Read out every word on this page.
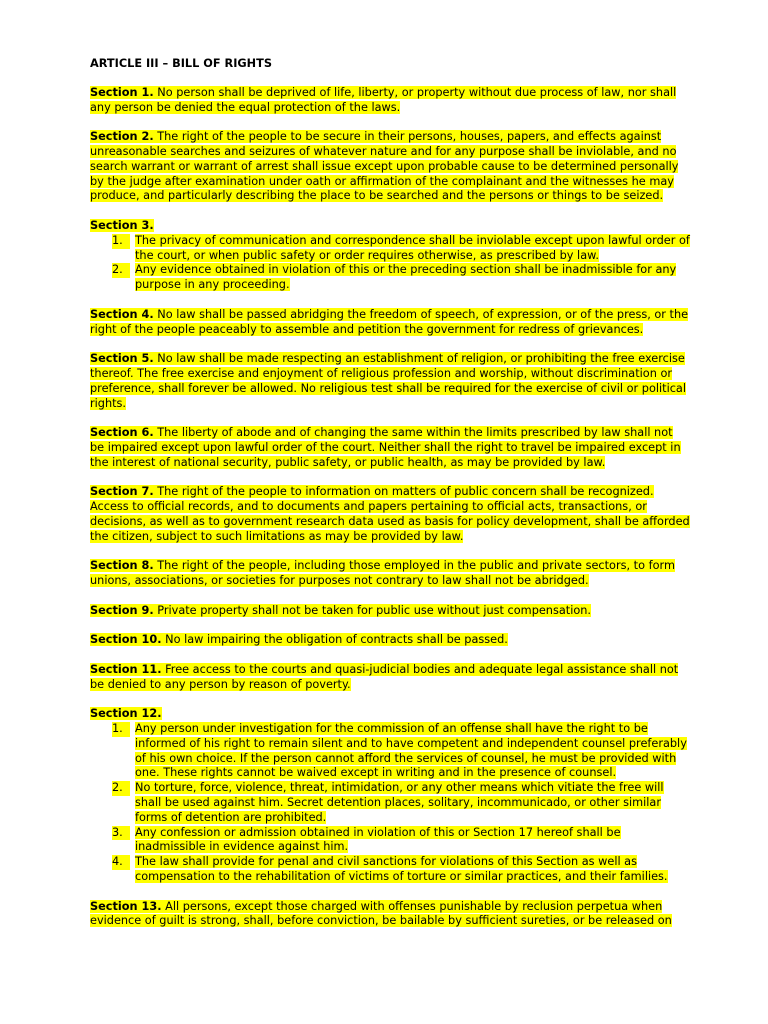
ARTICLE III – BILL OF RIGHTS
Section 1. No person shall be deprived of life, liberty, or property without due process of law, nor shall any person be denied the equal protection of the laws.
Section 2. The right of the people to be secure in their persons, houses, papers, and effects against unreasonable searches and seizures of whatever nature and for any purpose shall be inviolable, and no search warrant or warrant of arrest shall issue except upon probable cause to be determined personally by the judge after examination under oath or affirmation of the complainant and the witnesses he may produce, and particularly describing the place to be searched and the persons or things to be seized.
Section 3.
1.	The privacy of communication and correspondence shall be inviolable except upon lawful order of the court, or when public safety or order requires otherwise, as prescribed by law.
2.	Any evidence obtained in violation of this or the preceding section shall be inadmissible for any purpose in any proceeding.
Section 4. No law shall be passed abridging the freedom of speech, of expression, or of the press, or the right of the people peaceably to assemble and petition the government for redress of grievances.
Section 5. No law shall be made respecting an establishment of religion, or prohibiting the free exercise thereof. The free exercise and enjoyment of religious profession and worship, without discrimination or preference, shall forever be allowed. No religious test shall be required for the exercise of civil or political rights.
Section 6. The liberty of abode and of changing the same within the limits prescribed by law shall not be impaired except upon lawful order of the court. Neither shall the right to travel be impaired except in the interest of national security, public safety, or public health, as may be provided by law.
Section 7. The right of the people to information on matters of public concern shall be recognized. Access to official records, and to documents and papers pertaining to official acts, transactions, or decisions, as well as to government research data used as basis for policy development, shall be afforded the citizen, subject to such limitations as may be provided by law.
Section 8. The right of the people, including those employed in the public and private sectors, to form unions, associations, or societies for purposes not contrary to law shall not be abridged.
Section 9. Private property shall not be taken for public use without just compensation.
Section 10. No law impairing the obligation of contracts shall be passed.
Section 11. Free access to the courts and quasi-judicial bodies and adequate legal assistance shall not be denied to any person by reason of poverty.
Section 12.
1.	Any person under investigation for the commission of an offense shall have the right to be informed of his right to remain silent and to have competent and independent counsel preferably of his own choice. If the person cannot afford the services of counsel, he must be provided with one. These rights cannot be waived except in writing and in the presence of counsel.
2.	No torture, force, violence, threat, intimidation, or any other means which vitiate the free will shall be used against him. Secret detention places, solitary, incommunicado, or other similar forms of detention are prohibited.
3.	Any confession or admission obtained in violation of this or Section 17 hereof shall be inadmissible in evidence against him.
4.	The law shall provide for penal and civil sanctions for violations of this Section as well as compensation to the rehabilitation of victims of torture or similar practices, and their families.
Section 13. All persons, except those charged with offenses punishable by reclusion perpetua when evidence of guilt is strong, shall, before conviction, be bailable by sufficient sureties, or be released on
